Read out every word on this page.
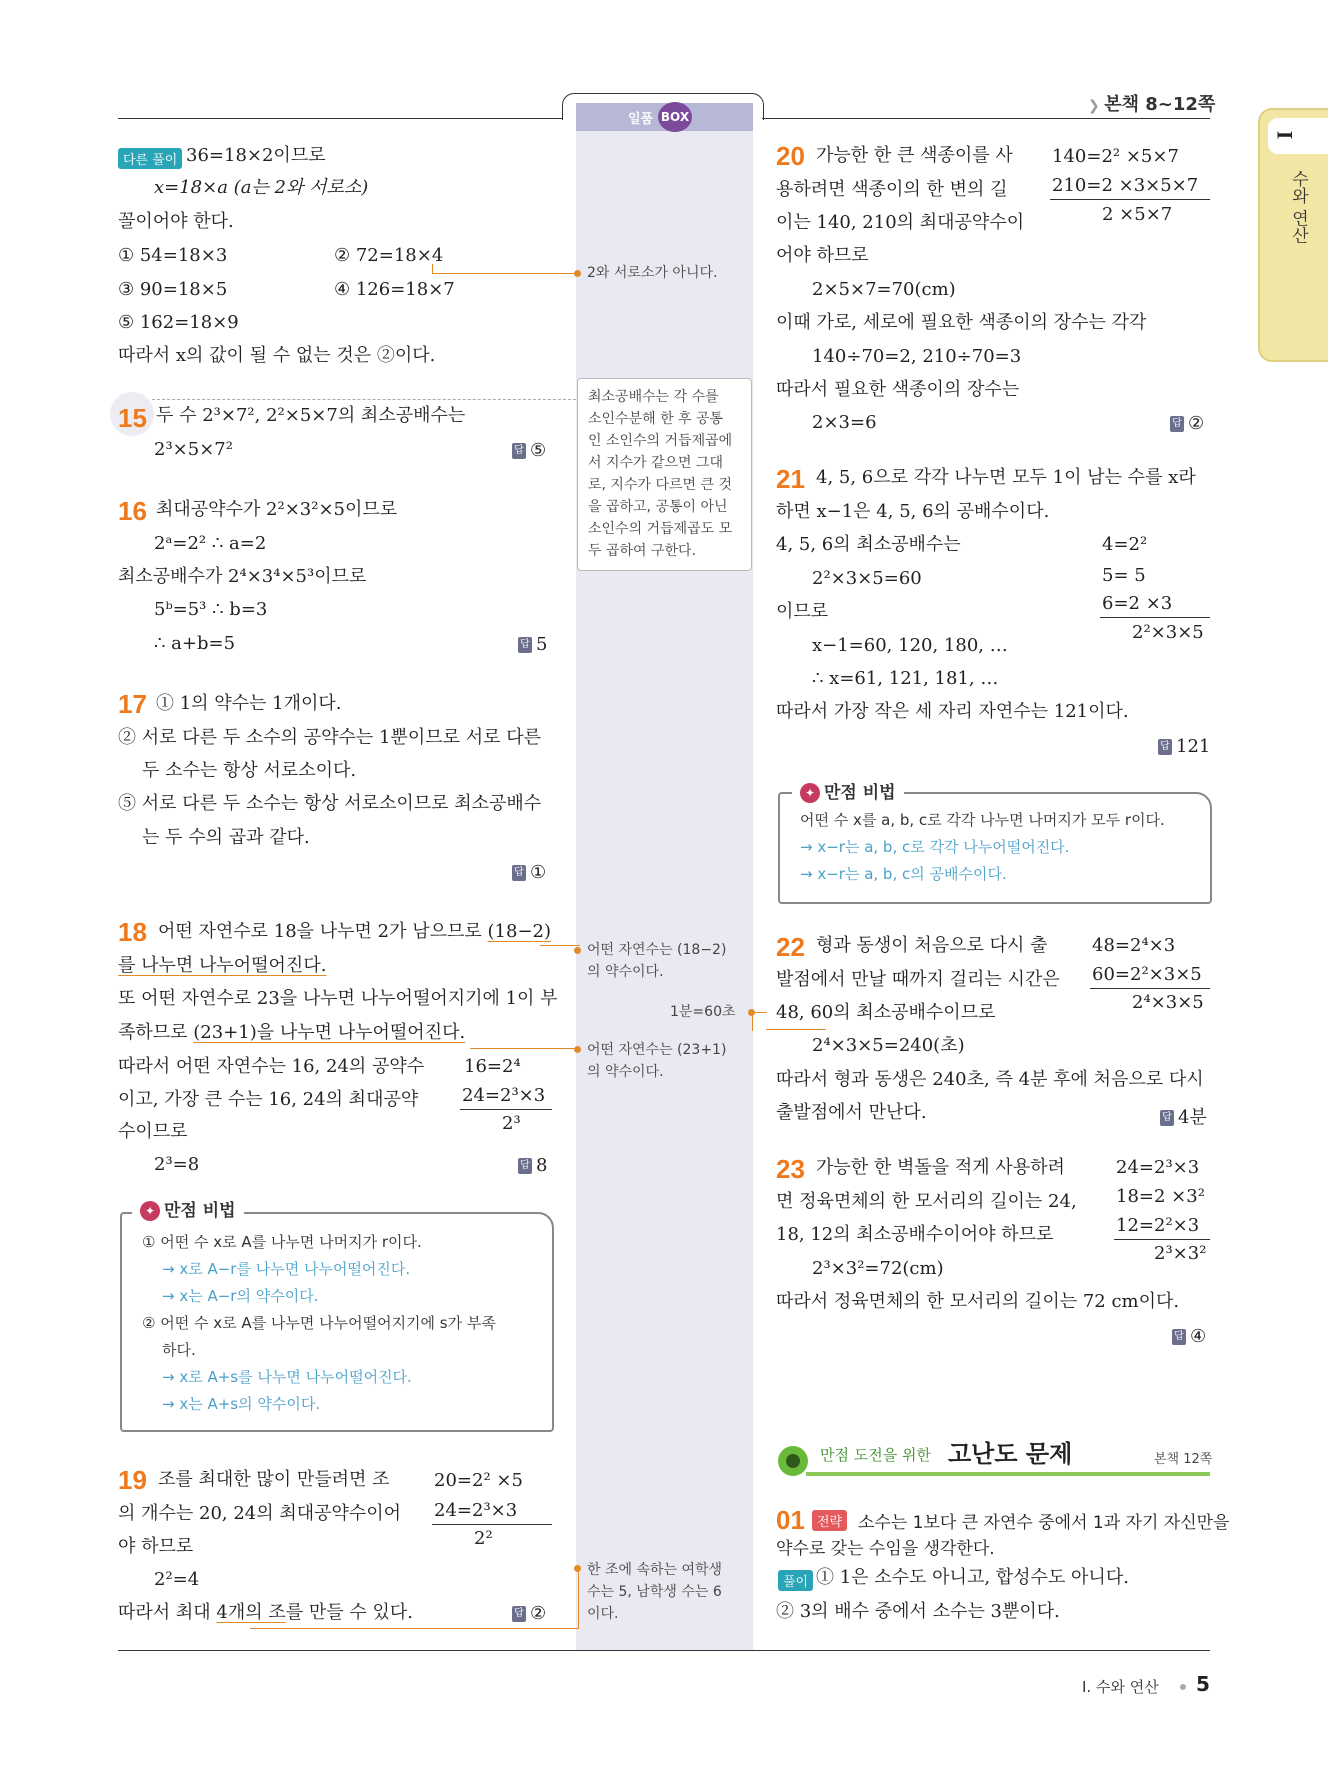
❯ 본책 8~12쪽
일품 BOX
I
수와 연산
다른 풀이 36=18×2이므로
x=18×a (a는 2와 서로소)
꼴이어야 한다.
① 54=18×3	② 72=18×4
③ 90=18×5	④ 126=18×7
⑤ 162=18×9
따라서 x의 값이 될 수 없는 것은 ②이다.
2와 서로소가 아니다.
15 두 수 2³×7², 2²×5×7의 최소공배수는
2³×5×7²	답 ⑤
최소공배수는 각 수를
소인수분해 한 후 공통
인 소인수의 거듭제곱에
서 지수가 같으면 그대
로, 지수가 다르면 큰 것
을 곱하고, 공통이 아닌
소인수의 거듭제곱도 모
두 곱하여 구한다.
16 최대공약수가 2²×3²×5이므로
2ᵃ=2² ∴ a=2
최소공배수가 2⁴×3⁴×5³이므로
5ᵇ=5³ ∴ b=3
∴ a+b=5	답 5
17 ① 1의 약수는 1개이다.
② 서로 다른 두 소수의 공약수는 1뿐이므로 서로 다른
두 소수는 항상 서로소이다.
⑤ 서로 다른 두 소수는 항상 서로소이므로 최소공배수
는 두 수의 곱과 같다.
답 ①
18 어떤 자연수로 18을 나누면 2가 남으므로 (18−2)
를 나누면 나누어떨어진다.
또 어떤 자연수로 23을 나누면 나누어떨어지기에 1이 부
족하므로 (23+1)을 나누면 나누어떨어진다.
따라서 어떤 자연수는 16, 24의 공약수
이고, 가장 큰 수는 16, 24의 최대공약
수이므로
2³=8
16=2⁴
24=2³×3
2³
답 8
어떤 자연수는 (18−2)
의 약수이다.
어떤 자연수는 (23+1)
의 약수이다.
1분=60초
✦ 만점 비법
① 어떤 수 x로 A를 나누면 나머지가 r이다.
→ x로 A−r를 나누면 나누어떨어진다.
→ x는 A−r의 약수이다.
② 어떤 수 x로 A를 나누면 나누어떨어지기에 s가 부족
하다.
→ x로 A+s를 나누면 나누어떨어진다.
→ x는 A+s의 약수이다.
19 조를 최대한 많이 만들려면 조
의 개수는 20, 24의 최대공약수이어
야 하므로
2²=4
따라서 최대 4개의 조를 만들 수 있다.
20=2² ×5
24=2³×3
2²
답 ②
한 조에 속하는 여학생
수는 5, 남학생 수는 6
이다.
20 가능한 한 큰 색종이를 사
용하려면 색종이의 한 변의 길
이는 140, 210의 최대공약수이
어야 하므로
2×5×7=70(cm)
이때 가로, 세로에 필요한 색종이의 장수는 각각
140÷70=2, 210÷70=3
따라서 필요한 색종이의 장수는
2×3=6
140=2² ×5×7
210=2 ×3×5×7
2 ×5×7
답 ②
21 4, 5, 6으로 각각 나누면 모두 1이 남는 수를 x라
하면 x−1은 4, 5, 6의 공배수이다.
4, 5, 6의 최소공배수는
2²×3×5=60
이므로
x−1=60, 120, 180, …
∴ x=61, 121, 181, …
따라서 가장 작은 세 자리 자연수는 121이다.
4=2²
5= 5
6=2 ×3
2²×3×5
답 121
✦ 만점 비법
어떤 수 x를 a, b, c로 각각 나누면 나머지가 모두 r이다.
→ x−r는 a, b, c로 각각 나누어떨어진다.
→ x−r는 a, b, c의 공배수이다.
22 형과 동생이 처음으로 다시 출
발점에서 만날 때까지 걸리는 시간은
48, 60의 최소공배수이므로
2⁴×3×5=240(초)
따라서 형과 동생은 240초, 즉 4분 후에 처음으로 다시
출발점에서 만난다.
48=2⁴×3
60=2²×3×5
2⁴×3×5
답 4분
23 가능한 한 벽돌을 적게 사용하려
면 정육면체의 한 모서리의 길이는 24,
18, 12의 최소공배수이어야 하므로
2³×3²=72(cm)
따라서 정육면체의 한 모서리의 길이는 72 cm이다.
24=2³×3
18=2 ×3²
12=2²×3
2³×3²
답 ④
만점 도전을 위한 고난도 문제	본책 12쪽
01 전략 소수는 1보다 큰 자연수 중에서 1과 자기 자신만을
약수로 갖는 수임을 생각한다.
풀이 ① 1은 소수도 아니고, 합성수도 아니다.
② 3의 배수 중에서 소수는 3뿐이다.
Ⅰ. 수와 연산 5
